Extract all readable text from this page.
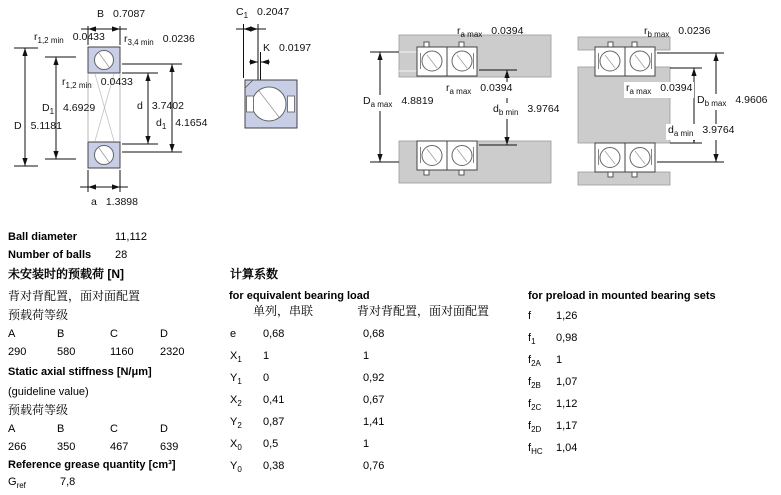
B 0.7087
$r_{1,2 min}$ 0.0433 $r_{3,4 min}$ 0.0236
$r_{1,2 min}$ 0.0433
$D_1$ 4.6929
D 5.1181
d 3.7402
$d_1$ 4.1654
a 1.3898
$C_1$ 0.2047
K 0.0197
$r_{a max}$ 0.0394
$D_{a max}$ 4.8819
$r_{a max}$ 0.0394
$d_{b min}$ 3.9764
$r_{b max}$ 0.0236
$r_{a max}$ 0.0394
$D_{b max}$ 4.9606
$d_{a min}$ 3.9764
Ball diameter	11,112
Number of balls	28
未安装时的预载荷 [N]
背对背配置，面对面配置
预载荷等级
A	B	C	D
290	580	1160	2320
Static axial stiffness [N/μm]
(guideline value)
预载荷等级
A	B	C	D
266	350	467	639
Reference grease quantity [cm³]
$G_{ref}$	7,8
计算系数
for equivalent bearing load
单列，串联	背对背配置，面对面配置
e	0,68	0,68
$X_1$	1	1
$Y_1$	0	0,92
$X_2$	0,41	0,67
$Y_2$	0,87	1,41
$X_0$	0,5	1
$Y_0$	0,38	0,76
for preload in mounted bearing sets
f	1,26
$f_1$	0,98
$f_{2A}$	1
$f_{2B}$	1,07
$f_{2C}$	1,12
$f_{2D}$	1,17
$f_{HC}$	1,04
